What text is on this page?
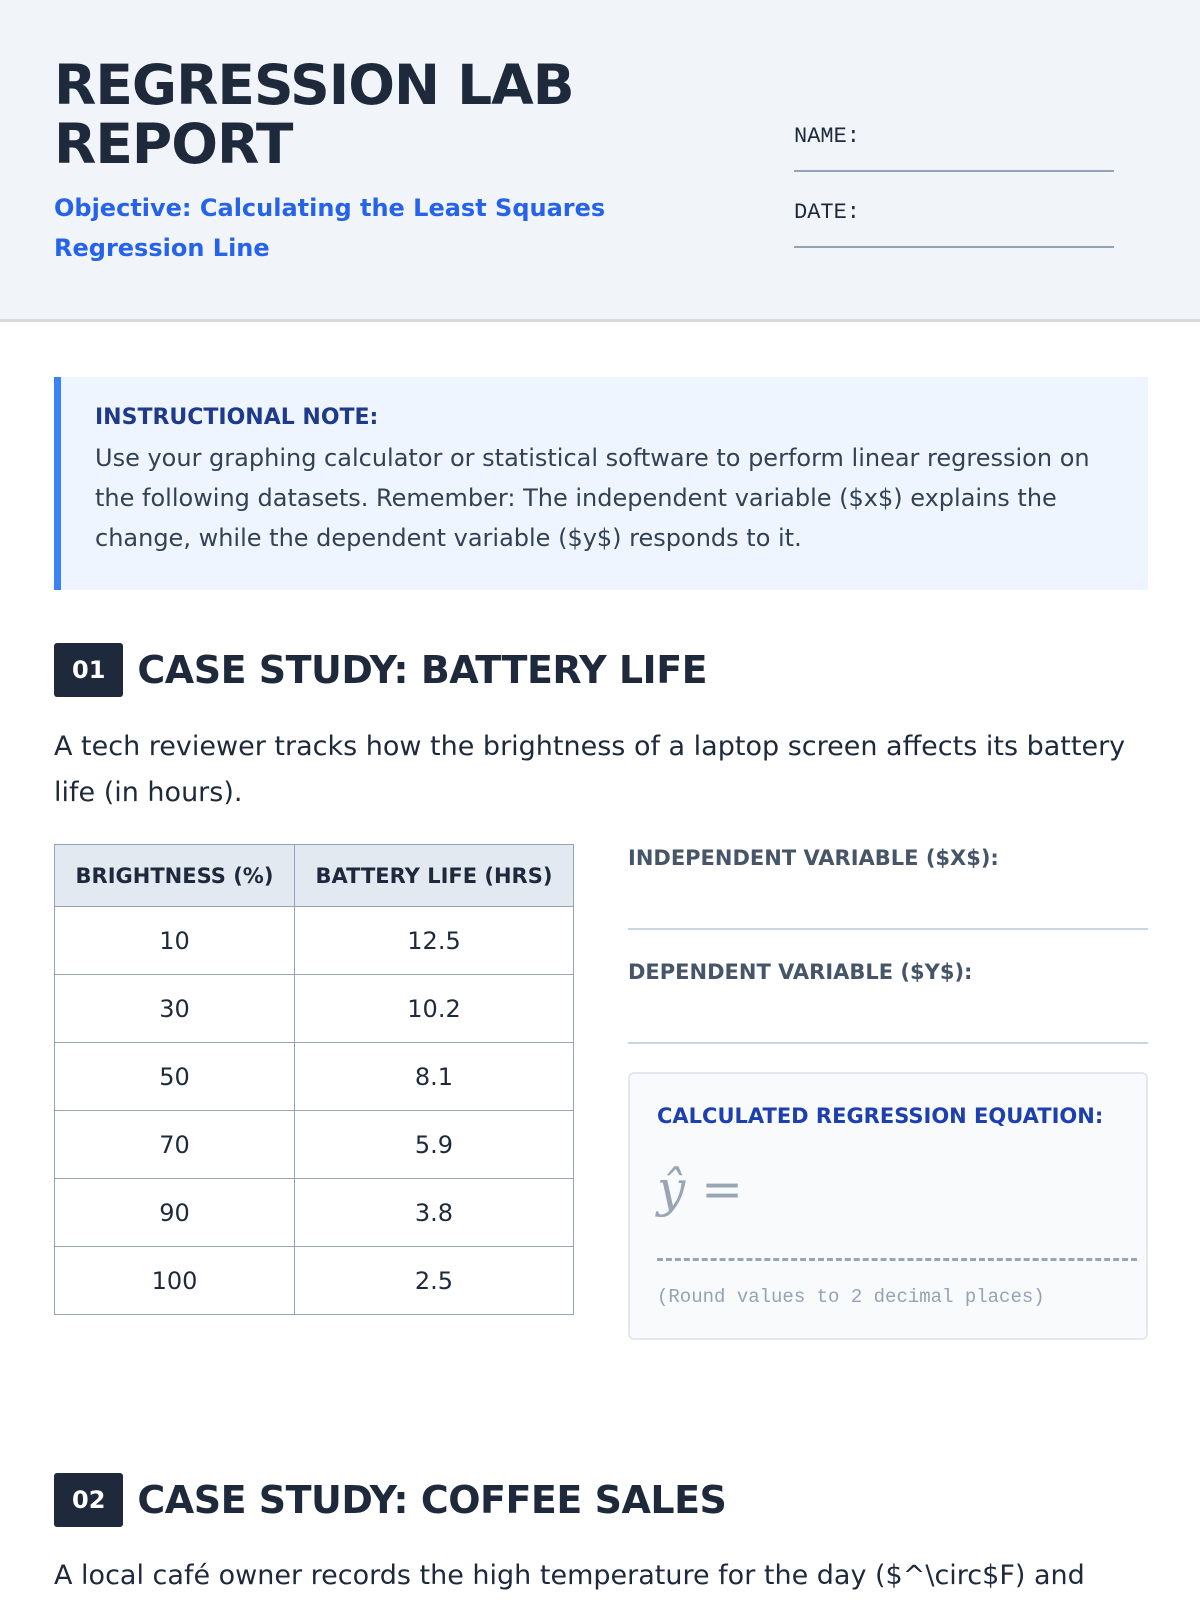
REGRESSION LAB REPORT
Objective: Calculating the Least Squares Regression Line
NAME:
DATE:
INSTRUCTIONAL NOTE:
Use your graphing calculator or statistical software to perform linear regression on the following datasets. Remember: The independent variable ($x$) explains the change, while the dependent variable ($y$) responds to it.
01 CASE STUDY: BATTERY LIFE
A tech reviewer tracks how the brightness of a laptop screen affects its battery life (in hours).
BRIGHTNESS (%)	BATTERY LIFE (HRS)
10	12.5
30	10.2
50	8.1
70	5.9
90	3.8
100	2.5
INDEPENDENT VARIABLE ($X$):
DEPENDENT VARIABLE ($Y$):
CALCULATED REGRESSION EQUATION:
ŷ =
(Round values to 2 decimal places)
02 CASE STUDY: COFFEE SALES
A local café owner records the high temperature for the day ($^\circ$F) and
